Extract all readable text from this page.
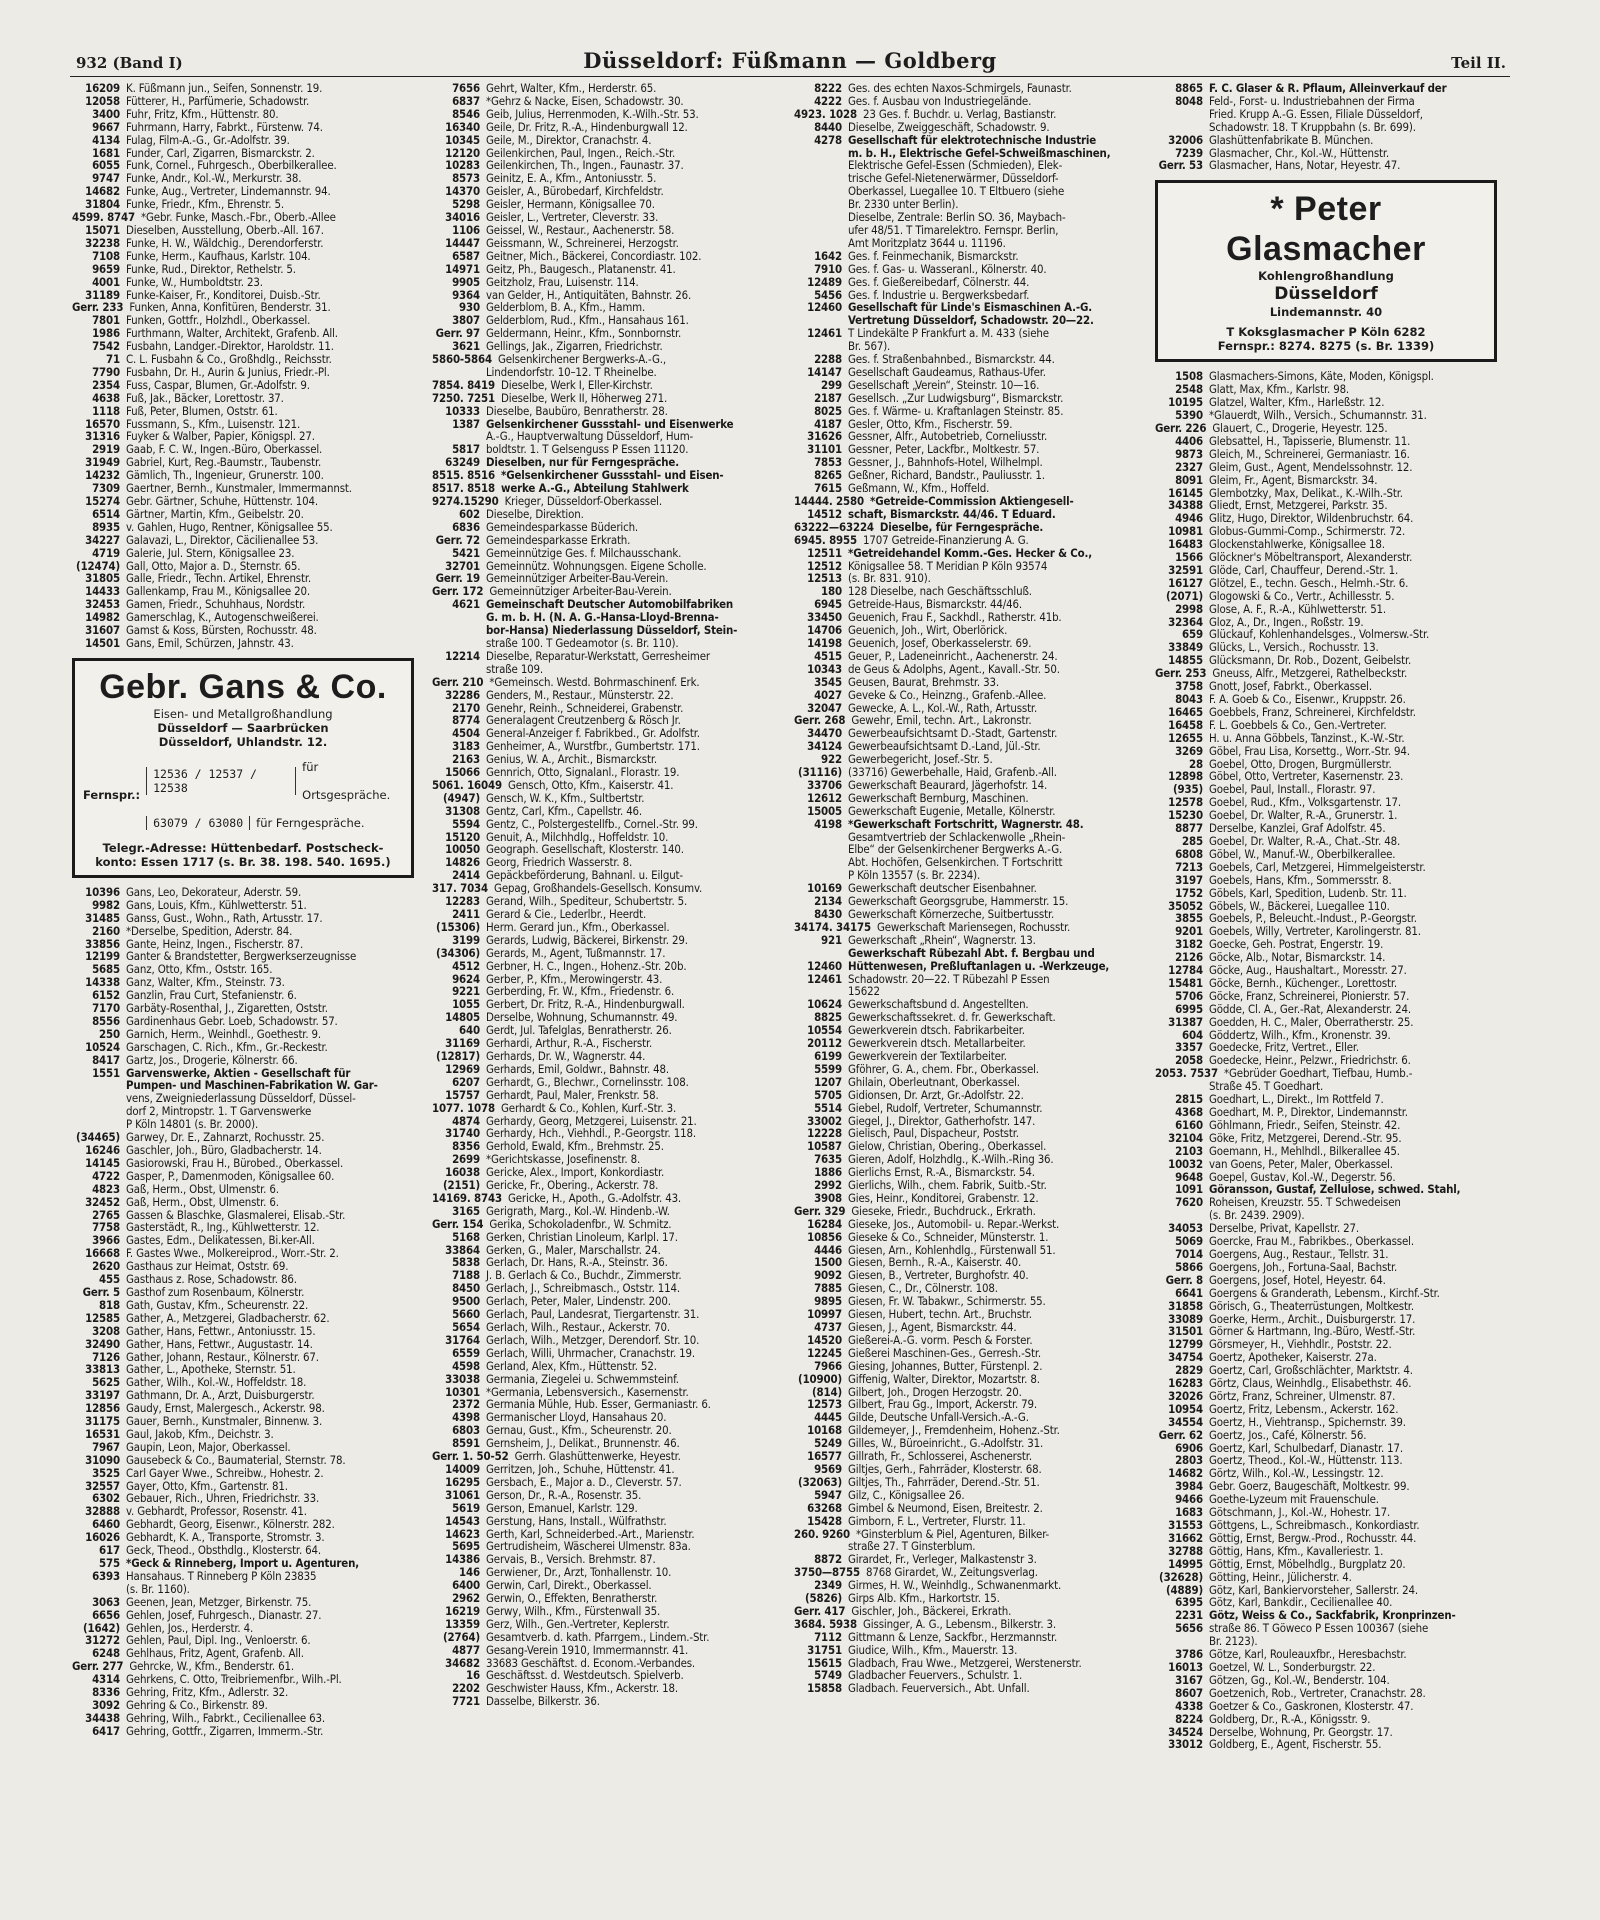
932 (Band I)	Düsseldorf: Füßmann — Goldberg	Teil II.
16209 K. Füßmann jun., Seifen, Sonnenstr. 19.
12058 Fütterer, H., Parfümerie, Schadowstr.
3400 Fuhr, Fritz, Kfm., Hüttenstr. 80.
9667 Fuhrmann, Harry, Fabrkt., Fürstenw. 74.
4134 Fulag, Film-A.-G., Gr.-Adolfstr. 39.
1681 Funder, Carl, Zigarren, Bismarckstr. 2.
6055 Funk, Cornel., Fuhrgesch., Oberbilkerallee.
9747 Funke, Andr., Kol.-W., Merkurstr. 38.
14682 Funke, Aug., Vertreter, Lindemannstr. 94.
31804 Funke, Friedr., Kfm., Ehrenstr. 5.
4599. 8747 *Gebr. Funke, Masch.-Fbr., Oberb.-Allee
15071 Dieselben, Ausstellung, Oberb.-All. 167.
32238 Funke, H. W., Wäldchig., Derendorferstr.
7108 Funke, Herm., Kaufhaus, Karlstr. 104.
9659 Funke, Rud., Direktor, Rethelstr. 5.
4001 Funke, W., Humboldtstr. 23.
31189 Funke-Kaiser, Fr., Konditorei, Duisb.-Str.
Gerr. 233 Funken, Anna, Konfitüren, Benderstr. 31.
7801 Funken, Gottfr., Holzhdl., Oberkassel.
1986 Furthmann, Walter, Architekt, Grafenb. All.
7542 Fusbahn, Landger.-Direktor, Haroldstr. 11.
71 C. L. Fusbahn & Co., Großhdlg., Reichsstr.
7790 Fusbahn, Dr. H., Aurin & Junius, Friedr.-Pl.
2354 Fuss, Caspar, Blumen, Gr.-Adolfstr. 9.
4638 Fuß, Jak., Bäcker, Lorettostr. 37.
1118 Fuß, Peter, Blumen, Oststr. 61.
16570 Fussmann, S., Kfm., Luisenstr. 121.
31316 Fuyker & Walber, Papier, Königspl. 27.
2919 Gaab, F. C. W., Ingen.-Büro, Oberkassel.
31949 Gabriel, Kurt, Reg.-Baumstr., Taubenstr.
14232 Gämlich, Th., Ingenieur, Grunerstr. 100.
7309 Gaertner, Bernh., Kunstmaler, Immermannst.
15274 Gebr. Gärtner, Schuhe, Hüttenstr. 104.
6514 Gärtner, Martin, Kfm., Geibelstr. 20.
8935 v. Gahlen, Hugo, Rentner, Königsallee 55.
34227 Galavazi, L., Direktor, Cäcilienallee 53.
4719 Galerie, Jul. Stern, Königsallee 23.
(12474) Gall, Otto, Major a. D., Sternstr. 65.
31805 Galle, Friedr., Techn. Artikel, Ehrenstr.
14433 Gallenkamp, Frau M., Königsallee 20.
32453 Gamen, Friedr., Schuhhaus, Nordstr.
14982 Gamerschlag, K., Autogenschweißerei.
31607 Gamst & Koss, Bürsten, Rochusstr. 48.
14501 Gans, Emil, Schürzen, Jahnstr. 43.
Gebr. Gans & Co.
Eisen- und Metallgroßhandlung
Düsseldorf — Saarbrücken
Düsseldorf, Uhlandstr. 12.
Fernspr.:
12536 / 12537 / 12538
für Ortsgespräche.
63079 / 63080	für Ferngespräche.
Telegr.-Adresse: Hüttenbedarf. Postscheck-
konto: Essen 1717 (s. Br. 38. 198. 540. 1695.)
10396 Gans, Leo, Dekorateur, Aderstr. 59.
9982 Gans, Louis, Kfm., Kühlwetterstr. 51.
31485 Ganss, Gust., Wohn., Rath, Artusstr. 17.
2160 *Derselbe, Spedition, Aderstr. 84.
33856 Gante, Heinz, Ingen., Fischerstr. 87.
12199 Ganter & Brandstetter, Bergwerkserzeugnisse
5685 Ganz, Otto, Kfm., Oststr. 165.
14338 Ganz, Walter, Kfm., Steinstr. 73.
6152 Ganzlin, Frau Curt, Stefanienstr. 6.
7170 Garbäty-Rosenthal, J., Zigaretten, Oststr.
8556 Gardinenhaus Gebr. Loeb, Schadowstr. 57.
250 Garnich, Herm., Weinhdl., Goethestr. 9.
10524 Garschagen, C. Rich., Kfm., Gr.-Reckestr.
8417 Gartz, Jos., Drogerie, Kölnerstr. 66.
1551 Garvenswerke, Aktien - Gesellschaft für
Pumpen- und Maschinen-Fabrikation W. Gar-
vens, Zweigniederlassung Düsseldorf, Düssel-
dorf 2, Mintropstr. 1. T Garvenswerke
P Köln 14801 (s. Br. 2000).
(34465) Garwey, Dr. E., Zahnarzt, Rochusstr. 25.
16246 Gaschler, Joh., Büro, Gladbacherstr. 14.
14145 Gasiorowski, Frau H., Bürobed., Oberkassel.
4722 Gasper, P., Damenmoden, Königsallee 60.
4823 Gaß, Herm., Obst, Ulmenstr. 6.
32452 Gaß, Herm., Obst, Ulmenstr. 6.
2765 Gassen & Blaschke, Glasmalerei, Elisab.-Str.
7758 Gasterstädt, R., Ing., Kühlwetterstr. 12.
3966 Gastes, Edm., Delikatessen, Bi.ker-All.
16668 F. Gastes Wwe., Molkereiprod., Worr.-Str. 2.
2620 Gasthaus zur Heimat, Oststr. 69.
455 Gasthaus z. Rose, Schadowstr. 86.
Gerr. 5 Gasthof zum Rosenbaum, Kölnerstr.
818 Gath, Gustav, Kfm., Scheurenstr. 22.
12585 Gather, A., Metzgerei, Gladbacherstr. 62.
3208 Gather, Hans, Fettwr., Antoniusstr. 15.
32490 Gather, Hans, Fettwr., Augustastr. 14.
7126 Gather, Johann, Restaur., Kölnerstr. 67.
33813 Gather, L., Apotheke, Sternstr. 51.
5625 Gather, Wilh., Kol.-W., Hoffeldstr. 18.
33197 Gathmann, Dr. A., Arzt, Duisburgerstr.
12856 Gaudy, Ernst, Malergesch., Ackerstr. 98.
31175 Gauer, Bernh., Kunstmaler, Binnenw. 3.
16531 Gaul, Jakob, Kfm., Deichstr. 3.
7967 Gaupin, Leon, Major, Oberkassel.
31090 Gausebeck & Co., Baumaterial, Sternstr. 78.
3525 Carl Gayer Wwe., Schreibw., Hohestr. 2.
32557 Gayer, Otto, Kfm., Gartenstr. 81.
6302 Gebauer, Rich., Uhren, Friedrichstr. 33.
32888 v. Gebhardt, Professor, Rosenstr. 41.
6460 Gebhardt, Georg, Eisenwr., Kölnerstr. 282.
16026 Gebhardt, K. A., Transporte, Stromstr. 3.
617 Geck, Theod., Obsthdlg., Klosterstr. 64.
575 *Geck & Rinneberg, Import u. Agenturen,
6393 Hansahaus. T Rinneberg P Köln 23835
(s. Br. 1160).
3063 Geenen, Jean, Metzger, Birkenstr. 75.
6656 Gehlen, Josef, Fuhrgesch., Dianastr. 27.
(1642) Gehlen, Jos., Herderstr. 4.
31272 Gehlen, Paul, Dipl. Ing., Venloerstr. 6.
6248 Gehlhaus, Fritz, Agent, Grafenb. All.
Gerr. 277 Gehrcke, W., Kfm., Benderstr. 61.
4314 Gehrkens, C. Otto, Treibriemenfbr., Wilh.-Pl.
8336 Gehring, Fritz, Kfm., Adlerstr. 32.
3092 Gehring & Co., Birkenstr. 89.
34438 Gehring, Wilh., Fabrkt., Cecilienallee 63.
6417 Gehring, Gottfr., Zigarren, Immerm.-Str.
7656 Gehrt, Walter, Kfm., Herderstr. 65.
6837 *Gehrz & Nacke, Eisen, Schadowstr. 30.
8546 Geib, Julius, Herrenmoden, K.-Wilh.-Str. 53.
16340 Geile, Dr. Fritz, R.-A., Hindenburgwall 12.
10345 Geile, M., Direktor, Cranachstr. 4.
12120 Geilenkirchen, Paul, Ingen., Reich.-Str.
10283 Geilenkirchen, Th., Ingen., Faunastr. 37.
8573 Geinitz, E. A., Kfm., Antoniusstr. 5.
14370 Geisler, A., Bürobedarf, Kirchfeldstr.
5298 Geisler, Hermann, Königsallee 70.
34016 Geisler, L., Vertreter, Cleverstr. 33.
1106 Geissel, W., Restaur., Aachenerstr. 58.
14447 Geissmann, W., Schreinerei, Herzogstr.
6587 Geitner, Mich., Bäckerei, Concordiastr. 102.
14971 Geitz, Ph., Baugesch., Platanenstr. 41.
9905 Geitzholz, Frau, Luisenstr. 114.
9364 van Gelder, H., Antiquitäten, Bahnstr. 26.
930 Gelderblom, B. A., Kfm., Hamm.
3807 Gelderblom, Rud., Kfm., Hansahaus 161.
Gerr. 97 Geldermann, Heinr., Kfm., Sonnbornstr.
3621 Gellings, Jak., Zigarren, Friedrichstr.
5860-5864 Gelsenkirchener Bergwerks-A.-G.,
Lindendorfstr. 10–12. T Rheinelbe.
7854. 8419 Dieselbe, Werk I, Eller-Kirchstr.
7250. 7251 Dieselbe, Werk II, Höherweg 271.
10333 Dieselbe, Baubüro, Benratherstr. 28.
1387 Gelsenkirchener Gussstahl- und Eisenwerke
A.-G., Hauptverwaltung Düsseldorf, Hum-
5817 boldtstr. 1. T Gelsenguss P Essen 11120.
63249 Dieselben, nur für Ferngespräche.
8515. 8516 *Gelsenkirchener Gussstahl- und Eisen-
8517. 8518 werke A.-G., Abteilung Stahlwerk
9274.15290 Krieger, Düsseldorf-Oberkassel.
602 Dieselbe, Direktion.
6836 Gemeindesparkasse Büderich.
Gerr. 72 Gemeindesparkasse Erkrath.
5421 Gemeinnützige Ges. f. Milchausschank.
32701 Gemeinnütz. Wohnungsgen. Eigene Scholle.
Gerr. 19 Gemeinnütziger Arbeiter-Bau-Verein.
Gerr. 172 Gemeinnütziger Arbeiter-Bau-Verein.
4621 Gemeinschaft Deutscher Automobilfabriken
G. m. b. H. (N. A. G.-Hansa-Lloyd-Brenna-
bor-Hansa) Niederlassung Düsseldorf, Stein-
straße 100. T Gedeamotor (s. Br. 110).
12214 Dieselbe, Reparatur-Werkstatt, Gerresheimer
straße 109.
Gerr. 210 *Gemeinsch. Westd. Bohrmaschinenf. Erk.
32286 Genders, M., Restaur., Münsterstr. 22.
2170 Genehr, Reinh., Schneiderei, Grabenstr.
8774 Generalagent Creutzenberg & Rösch Jr.
4504 General-Anzeiger f. Fabrikbed., Gr. Adolfstr.
3183 Genheimer, A., Wurstfbr., Gumbertstr. 171.
2163 Genius, W. A., Archit., Bismarckstr.
15066 Gennrich, Otto, Signalanl., Florastr. 19.
5061. 16049 Gensch, Otto, Kfm., Kaiserstr. 41.
(4947) Gensch, W. K., Kfm., Sultbertstr.
31308 Gentz, Carl, Kfm., Capellstr. 46.
5594 Gentz, C., Polstergestellfb., Cornel.-Str. 99.
15120 Genuit, A., Milchhdlg., Hoffeldstr. 10.
10050 Geograph. Gesellschaft, Klosterstr. 140.
14826 Georg, Friedrich Wasserstr. 8.
2414 Gepäckbeförderung, Bahnanl. u. Eilgut-
317. 7034 Gepag, Großhandels-Gesellsch. Konsumv.
12283 Gerand, Wilh., Spediteur, Schubertstr. 5.
2411 Gerard & Cie., Lederlbr., Heerdt.
(15306) Herm. Gerard jun., Kfm., Oberkassel.
3199 Gerards, Ludwig, Bäckerei, Birkenstr. 29.
(34306) Gerards, M., Agent, Tußmannstr. 17.
4512 Gerbner, H. C., Ingen., Hohenz.-Str. 20b.
9624 Gerber, P., Kfm., Merowingerstr. 43.
9221 Gerberding, Fr. W., Kfm., Friedenstr. 6.
1055 Gerbert, Dr. Fritz, R.-A., Hindenburgwall.
14805 Derselbe, Wohnung, Schumannstr. 49.
640 Gerdt, Jul. Tafelglas, Benratherstr. 26.
31169 Gerhardi, Arthur, R.-A., Fischerstr.
(12817) Gerhards, Dr. W., Wagnerstr. 44.
12969 Gerhards, Emil, Goldwr., Bahnstr. 48.
6207 Gerhardt, G., Blechwr., Cornelinsstr. 108.
15757 Gerhardt, Paul, Maler, Frenkstr. 58.
1077. 1078 Gerhardt & Co., Kohlen, Kurf.-Str. 3.
4874 Gerhardy, Georg, Metzgerei, Luisenstr. 21.
31740 Gerhardy, Hch., Viehhdl., P.-Georgstr. 118.
8356 Gerhold, Ewald, Kfm., Brehmstr. 25.
2699 *Gerichtskasse, Josefinenstr. 8.
16038 Gericke, Alex., Import, Konkordiastr.
(2151) Gericke, Fr., Obering., Ackerstr. 78.
14169. 8743 Gericke, H., Apoth., G.-Adolfstr. 43.
3165 Gerigrath, Marg., Kol.-W. Hindenb.-W.
Gerr. 154 Gerika, Schokoladenfbr., W. Schmitz.
5168 Gerken, Christian Linoleum, Karlpl. 17.
33864 Gerken, G., Maler, Marschallstr. 24.
5838 Gerlach, Dr. Hans, R.-A., Steinstr. 36.
7188 J. B. Gerlach & Co., Buchdr., Zimmerstr.
8450 Gerlach, J., Schreibmasch., Oststr. 114.
9500 Gerlach, Peter, Maler, Lindenstr. 200.
5660 Gerlach, Paul, Landesrat, Tiergartenstr. 31.
5654 Gerlach, Wilh., Restaur., Ackerstr. 70.
31764 Gerlach, Wilh., Metzger, Derendorf. Str. 10.
6559 Gerlach, Willi, Uhrmacher, Cranachstr. 19.
4598 Gerland, Alex, Kfm., Hüttenstr. 52.
33038 Germania, Ziegelei u. Schwemmsteinf.
10301 *Germania, Lebensversich., Kasernenstr.
2372 Germania Mühle, Hub. Esser, Germaniastr. 6.
4398 Germanischer Lloyd, Hansahaus 20.
6803 Gernau, Gust., Kfm., Scheurenstr. 20.
8591 Gernsheim, J., Delikat., Brunnenstr. 46.
Gerr. 1. 50-52 Gerrh. Glashüttenwerke, Heyestr.
14009 Gerritzen, Joh., Schuhe, Hüttenstr. 41.
16295 Gersbach, E., Major a. D., Cleverstr. 57.
31061 Gerson, Dr., R.-A., Rosenstr. 35.
5619 Gerson, Emanuel, Karlstr. 129.
14543 Gerstung, Hans, Install., Wülfrathstr.
14623 Gerth, Karl, Schneiderbed.-Art., Marienstr.
5695 Gertrudisheim, Wäscherei Ulmenstr. 83a.
14386 Gervais, B., Versich. Brehmstr. 87.
146 Gerwiener, Dr., Arzt, Tonhallenstr. 10.
6400 Gerwin, Carl, Direkt., Oberkassel.
2962 Gerwin, O., Effekten, Benratherstr.
16219 Gerwy, Wilh., Kfm., Fürstenwall 35.
13359 Gerz, Wilh., Gen.-Vertreter, Keplerstr.
(2764) Gesamtverb. d. kath. Pfarrgem., Lindem.-Str.
4877 Gesang-Verein 1910, Immermannstr. 41.
34682 33683 Geschäftst. d. Econom.-Verbandes.
16 Geschäftsst. d. Westdeutsch. Spielverb.
2202 Geschwister Hauss, Kfm., Ackerstr. 18.
7721 Dasselbe, Bilkerstr. 36.
8222 Ges. des echten Naxos-Schmirgels, Faunastr.
4222 Ges. f. Ausbau von Industriegelände.
4923. 1028 23 Ges. f. Buchdr. u. Verlag, Bastianstr.
8440 Dieselbe, Zweiggeschäft, Schadowstr. 9.
4278 Gesellschaft für elektrotechnische Industrie
m. b. H., Elektrische Gefel-Schweißmaschinen,
Elektrische Gefel-Essen (Schmieden), Elek-
trische Gefel-Nietenerwärmer, Düsseldorf-
Oberkassel, Luegallee 10. T Eltbuero (siehe
Br. 2330 unter Berlin).
Dieselbe, Zentrale: Berlin SO. 36, Maybach-
ufer 48/51. T Timarelektro. Fernspr. Berlin,
Amt Moritzplatz 3644 u. 11196.
1642 Ges. f. Feinmechanik, Bismarckstr.
7910 Ges. f. Gas- u. Wasseranl., Kölnerstr. 40.
12489 Ges. f. Gießereibedarf, Cölnerstr. 44.
5456 Ges. f. Industrie u. Bergwerksbedarf.
12460 Gesellschaft für Linde's Eismaschinen A.-G.
Vertretung Düsseldorf, Schadowstr. 20—22.
12461 T Lindekälte P Frankfurt a. M. 433 (siehe
Br. 567).
2288 Ges. f. Straßenbahnbed., Bismarckstr. 44.
14147 Gesellschaft Gaudeamus, Rathaus-Ufer.
299 Gesellschaft „Verein“, Steinstr. 10—16.
2187 Gesellsch. „Zur Ludwigsburg“, Bismarckstr.
8025 Ges. f. Wärme- u. Kraftanlagen Steinstr. 85.
4187 Gesler, Otto, Kfm., Fischerstr. 59.
31626 Gessner, Alfr., Autobetrieb, Corneliusstr.
31101 Gessner, Peter, Lackfbr., Moltkestr. 57.
7853 Gessner, J., Bahnhofs-Hotel, Wilhelmpl.
8265 Geßner, Richard, Bandstr., Pauliusstr. 1.
7615 Geßmann, W., Kfm., Hoffeld.
14444. 2580 *Getreide-Commission Aktiengesell-
14512 schaft, Bismarckstr. 44/46. T Eduard.
63222—63224 Dieselbe, für Ferngespräche.
6945. 8955 1707 Getreide-Finanzierung A. G.
12511 *Getreidehandel Komm.-Ges. Hecker & Co.,
12512 Königsallee 58. T Meridian P Köln 93574
12513 (s. Br. 831. 910).
180 128 Dieselbe, nach Geschäftsschluß.
6945 Getreide-Haus, Bismarckstr. 44/46.
33450 Geuenich, Frau F., Sackhdl., Ratherstr. 41b.
14706 Geuenich, Joh., Wirt, Oberlörick.
14198 Geuenich, Josef, Oberkasselerstr. 69.
4515 Geuer, P., Ladeneinricht., Aachenerstr. 24.
10343 de Geus & Adolphs, Agent., Kavall.-Str. 50.
3545 Geusen, Baurat, Brehmstr. 33.
4027 Geveke & Co., Heinzng., Grafenb.-Allee.
32047 Gewecke, A. L., Kol.-W., Rath, Artusstr.
Gerr. 268 Gewehr, Emil, techn. Art., Lakronstr.
34470 Gewerbeaufsichtsamt D.-Stadt, Gartenstr.
34124 Gewerbeaufsichtsamt D.-Land, Jül.-Str.
922 Gewerbegericht, Josef.-Str. 5.
(31116) (33716) Gewerbehalle, Haid, Grafenb.-All.
33706 Gewerkschaft Beaurard, Jägerhofstr. 14.
12612 Gewerkschaft Bernburg, Maschinen.
15005 Gewerkschaft Eugenie, Metalle, Kölnerstr.
4198 *Gewerkschaft Fortschritt, Wagnerstr. 48.
Gesamtvertrieb der Schlackenwolle „Rhein-
Elbe“ der Gelsenkirchener Bergwerks A.-G.
Abt. Hochöfen, Gelsenkirchen. T Fortschritt
P Köln 13557 (s. Br. 2234).
10169 Gewerkschaft deutscher Eisenbahner.
2134 Gewerkschaft Georgsgrube, Hammerstr. 15.
8430 Gewerkschaft Körnerzeche, Suitbertusstr.
34174. 34175 Gewerkschaft Mariensegen, Rochusstr.
921 Gewerkschaft „Rhein“, Wagnerstr. 13.
Gewerkschaft Rübezahl Abt. f. Bergbau und
12460 Hüttenwesen, Preßluftanlagen u. -Werkzeuge,
12461 Schadowstr. 20—22. T Rübezahl P Essen
15622
10624 Gewerkschaftsbund d. Angestellten.
8825 Gewerkschaftssekret. d. fr. Gewerkschaft.
10554 Gewerkverein dtsch. Fabrikarbeiter.
20112 Gewerkverein dtsch. Metallarbeiter.
6199 Gewerkverein der Textilarbeiter.
5599 Gföhrer, G. A., chem. Fbr., Oberkassel.
1207 Ghilain, Oberleutnant, Oberkassel.
5705 Gidionsen, Dr. Arzt, Gr.-Adolfstr. 22.
5514 Giebel, Rudolf, Vertreter, Schumannstr.
33002 Giegel, J., Direktor, Gatherhofstr. 147.
12228 Gielisch, Paul, Dispacheur, Poststr.
10587 Gielow, Christian, Obering., Oberkassel.
7635 Gieren, Adolf, Holzhdlg., K.-Wilh.-Ring 36.
1886 Gierlichs Ernst, R.-A., Bismarckstr. 54.
2992 Gierlichs, Wilh., chem. Fabrik, Suitb.-Str.
3908 Gies, Heinr., Konditorei, Grabenstr. 12.
Gerr. 329 Gieseke, Friedr., Buchdruck., Erkrath.
16284 Gieseke, Jos., Automobil- u. Repar.-Werkst.
10856 Gieseke & Co., Schneider, Münsterstr. 1.
4446 Giesen, Arn., Kohlenhdlg., Fürstenwall 51.
1500 Giesen, Bernh., R.-A., Kaiserstr. 40.
9092 Giesen, B., Vertreter, Burghofstr. 40.
7885 Giesen, C., Dr., Cölnerstr. 108.
9895 Giesen, Fr. W. Tabakwr., Schirmerstr. 55.
10997 Giesen, Hubert, techn. Art., Bruchstr.
4737 Giesen, J., Agent, Bismarckstr. 44.
14520 Gießerei-A.-G. vorm. Pesch & Forster.
12245 Gießerei Maschinen-Ges., Gerresh.-Str.
7966 Giesing, Johannes, Butter, Fürstenpl. 2.
(10900) Giffenig, Walter, Direktor, Mozartstr. 8.
(814) Gilbert, Joh., Drogen Herzogstr. 20.
12573 Gilbert, Frau Gg., Import, Ackerstr. 79.
4445 Gilde, Deutsche Unfall-Versich.-A.-G.
10168 Gildemeyer, J., Fremdenheim, Hohenz.-Str.
5249 Gilles, W., Büroeinricht., G.-Adolfstr. 31.
16577 Gillrath, Fr., Schlosserei, Aschenerstr.
9569 Giltjes, Gerh., Fahrräder, Klosterstr. 68.
(32063) Giltjes, Th., Fahrräder, Derend.-Str. 51.
5947 Gilz, C., Königsallee 26.
63268 Gimbel & Neumond, Eisen, Breitestr. 2.
15428 Gimborn, F. L., Vertreter, Flurstr. 11.
260. 9260 *Ginsterblum & Piel, Agenturen, Bilker-
straße 27. T Ginsterblum.
8872 Girardet, Fr., Verleger, Malkastenstr 3.
3750—8755 8768 Girardet, W., Zeitungsverlag.
2349 Girmes, H. W., Weinhdlg., Schwanenmarkt.
(5826) Girps Alb. Kfm., Harkortstr. 15.
Gerr. 417 Gischler, Joh., Bäckerei, Erkrath.
3684. 5938 Gissinger, A. G., Lebensm., Bilkerstr. 3.
7112 Gittmann & Lenze, Sackfbr., Herzmannstr.
31751 Giudice, Wilh., Kfm., Mauerstr. 13.
15615 Gladbach, Frau Wwe., Metzgerei, Werstenerstr.
5749 Gladbacher Feuervers., Schulstr. 1.
15858 Gladbach. Feuerversich., Abt. Unfall.
8865 F. C. Glaser & R. Pflaum, Alleinverkauf der
8048 Feld-, Forst- u. Industriebahnen der Firma
Fried. Krupp A.-G. Essen, Filiale Düsseldorf,
Schadowstr. 18. T Kruppbahn (s. Br. 699).
32006 Glashüttenfabrikate B. München.
7239 Glasmacher, Chr., Kol.-W., Hüttenstr.
Gerr. 53 Glasmacher, Hans, Notar, Heyestr. 47.
* Peter Glasmacher
Kohlengroßhandlung
Düsseldorf
Lindemannstr. 40
T Koksglasmacher P Köln 6282
Fernspr.: 8274. 8275 (s. Br. 1339)
1508 Glasmachers-Simons, Käte, Moden, Königspl.
2548 Glatt, Max, Kfm., Karlstr. 98.
10195 Glatzel, Walter, Kfm., Harleßstr. 12.
5390 *Glauerdt, Wilh., Versich., Schumannstr. 31.
Gerr. 226 Glauert, C., Drogerie, Heyestr. 125.
4406 Glebsattel, H., Tapisserie, Blumenstr. 11.
9873 Gleich, M., Schreinerei, Germaniastr. 16.
2327 Gleim, Gust., Agent, Mendelssohnstr. 12.
8091 Gleim, Fr., Agent, Bismarckstr. 34.
16145 Glembotzky, Max, Delikat., K.-Wilh.-Str.
34388 Gliedt, Ernst, Metzgerei, Parkstr. 35.
4946 Glitz, Hugo, Direktor, Wildenbruchstr. 64.
10981 Globus-Gummi-Comp., Schirmerstr. 72.
16483 Glockenstahlwerke, Königsallee 18.
1566 Glöckner's Möbeltransport, Alexanderstr.
32591 Glöde, Carl, Chauffeur, Derend.-Str. 1.
16127 Glötzel, E., techn. Gesch., Helmh.-Str. 6.
(2071) Glogowski & Co., Vertr., Achillesstr. 5.
2998 Glose, A. F., R.-A., Kühlwetterstr. 51.
32364 Gloz, A., Dr., Ingen., Roßstr. 19.
659 Glückauf, Kohlenhandelsges., Volmersw.-Str.
33849 Glücks, L., Versich., Rochusstr. 13.
14855 Glücksmann, Dr. Rob., Dozent, Geibelstr.
Gerr. 253 Gneuss, Alfr., Metzgerei, Rathelbeckstr.
3758 Gnott, Josef, Fabrkt., Oberkassel.
8043 F. A. Goeb & Co., Eisenwr., Kruppstr. 26.
16465 Goebbels, Franz, Schreinerei, Kirchfeldstr.
16458 F. L. Goebbels & Co., Gen.-Vertreter.
12655 H. u. Anna Göbbels, Tanzinst., K.-W.-Str.
3269 Göbel, Frau Lisa, Korsettg., Worr.-Str. 94.
28 Goebel, Otto, Drogen, Burgmüllerstr.
12898 Göbel, Otto, Vertreter, Kasernenstr. 23.
(935) Goebel, Paul, Install., Florastr. 97.
12578 Goebel, Rud., Kfm., Volksgartenstr. 17.
15230 Goebel, Dr. Walter, R.-A., Grunerstr. 1.
8877 Derselbe, Kanzlei, Graf Adolfstr. 45.
285 Goebel, Dr. Walter, R.-A., Chat.-Str. 48.
6808 Göbel, W., Manuf.-W., Oberbilkerallee.
7213 Goebels, Carl, Metzgerei, Himmelgeisterstr.
3197 Goebels, Hans, Kfm., Sommersstr. 8.
1752 Göbels, Karl, Spedition, Ludenb. Str. 11.
35052 Göbels, W., Bäckerei, Luegallee 110.
3855 Goebels, P., Beleucht.-Indust., P.-Georgstr.
9201 Goebels, Willy, Vertreter, Karolingerstr. 81.
3182 Goecke, Geh. Postrat, Engerstr. 19.
2126 Göcke, Alb., Notar, Bismarckstr. 14.
12784 Göcke, Aug., Haushaltart., Moresstr. 27.
15481 Göcke, Bernh., Küchenger., Lorettostr.
5706 Göcke, Franz, Schreinerei, Pionierstr. 57.
6995 Gödde, Cl. A., Ger.-Rat, Alexanderstr. 24.
31387 Goedden, H. C., Maler, Oberratherstr. 25.
604 Göddertz, Wilh., Kfm., Kronenstr. 39.
3357 Goedecke, Fritz, Vertret., Eller.
2058 Goedecke, Heinr., Pelzwr., Friedrichstr. 6.
2053. 7537 *Gebrüder Goedhart, Tiefbau, Humb.-
Straße 45. T Goedhart.
2815 Goedhart, L., Direkt., Im Rottfeld 7.
4368 Goedhart, M. P., Direktor, Lindemannstr.
6160 Göhlmann, Friedr., Seifen, Steinstr. 42.
32104 Göke, Fritz, Metzgerei, Derend.-Str. 95.
2103 Goemann, H., Mehlhdl., Bilkerallee 45.
10032 van Goens, Peter, Maler, Oberkassel.
9648 Goepel, Gustav, Kol.-W., Degerstr. 56.
1091 Göransson, Gustaf, Zellulose, schwed. Stahl,
7620 Roheisen, Kreuzstr. 55. T Schwedeisen
(s. Br. 2439. 2909).
34053 Derselbe, Privat, Kapellstr. 27.
5069 Goercke, Frau M., Fabrikbes., Oberkassel.
7014 Goergens, Aug., Restaur., Tellstr. 31.
5866 Goergens, Joh., Fortuna-Saal, Bachstr.
Gerr. 8 Goergens, Josef, Hotel, Heyestr. 64.
6641 Goergens & Granderath, Lebensm., Kirchf.-Str.
31858 Görisch, G., Theaterrüstungen, Moltkestr.
33089 Goerke, Herm., Archit., Duisburgerstr. 17.
31501 Görner & Hartmann, Ing.-Büro, Westf.-Str.
12799 Görsmeyer, H., Viehhdlr., Poststr. 22.
34754 Goertz, Apotheker, Kaiserstr. 27a.
2829 Goertz, Carl, Großschlächter, Marktstr. 4.
16283 Görtz, Claus, Weinhdlg., Elisabethstr. 46.
32026 Görtz, Franz, Schreiner, Ulmenstr. 87.
10954 Goertz, Fritz, Lebensm., Ackerstr. 162.
34554 Goertz, H., Viehtransp., Spichernstr. 39.
Gerr. 62 Goertz, Jos., Café, Kölnerstr. 56.
6906 Goertz, Karl, Schulbedarf, Dianastr. 17.
2803 Goertz, Theod., Kol.-W., Hüttenstr. 113.
14682 Görtz, Wilh., Kol.-W., Lessingstr. 12.
3984 Gebr. Goerz, Baugeschäft, Moltkestr. 99.
9466 Goethe-Lyzeum mit Frauenschule.
1683 Götschmann, J., Kol.-W., Hohestr. 17.
31553 Göttgens, L., Schreibmasch., Konkordiastr.
31662 Göttig, Ernst, Bergw.-Prod., Rochusstr. 44.
32788 Göttig, Hans, Kfm., Kavalleriestr. 1.
14995 Göttig, Ernst, Möbelhdlg., Burgplatz 20.
(32628) Götting, Heinr., Jülicherstr. 4.
(4889) Götz, Karl, Bankiervorsteher, Sallerstr. 24.
6395 Götz, Karl, Bankdir., Cecilienallee 40.
2231 Götz, Weiss & Co., Sackfabrik, Kronprinzen-
5656 straße 86. T Göweco P Essen 100367 (siehe
Br. 2123).
3786 Götze, Karl, Rouleauxfbr., Heresbachstr.
16013 Goetzel, W. L., Sonderburgstr. 22.
3167 Götzen, Gg., Kol.-W., Benderstr. 104.
8607 Goetzenich, Rob., Vertreter, Cranachstr. 28.
4338 Goetzer & Co., Gaskronen, Klosterstr. 47.
8224 Goldberg, Dr., R.-A., Königsstr. 9.
34524 Derselbe, Wohnung, Pr. Georgstr. 17.
33012 Goldberg, E., Agent, Fischerstr. 55.
